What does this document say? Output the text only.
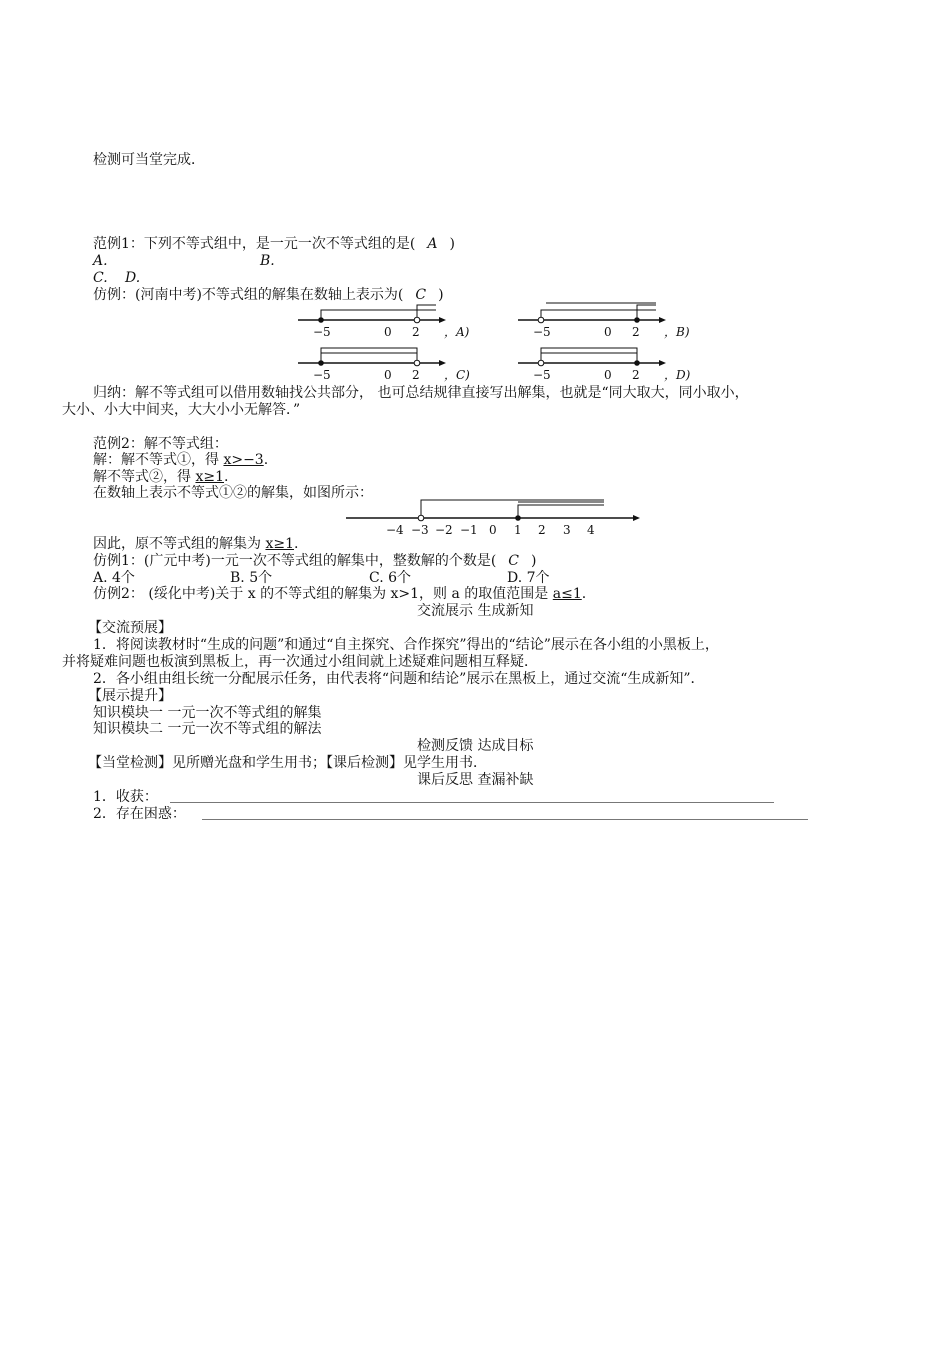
检测可当堂完成．
范例1：下列不等式组中，是一元一次不等式组的是( A )
A.	B.
C. D.
仿例：(河南中考)不等式组的解集在数轴上表示为( C )
−5	0 2 ，A)	−5	0 2 ，B)
−5	0 2 ，C)	−5	0 2 ，D)
归纳：解不等式组可以借用数轴找公共部分， 也可总结规律直接写出解集，也就是“同大取大，同小取小，
大小、小大中间夹，大大小小无解答．”
范例2：解不等式组：
解：解不等式①，得 x>−3.
解不等式②，得 x≥1.
在数轴上表示不等式①②的解集，如图所示：
−4 −3 −2 −1 0 1 2 3 4
因此，原不等式组的解集为 x≥1.
仿例1：(广元中考)一元一次不等式组的解集中，整数解的个数是( C )
A. 4个	B. 5个	C. 6个	D. 7个
仿例2： (绥化中考)关于 x 的不等式组的解集为 x>1，则 a 的取值范围是 a≤1.
交流展示 生成新知
【交流预展】
1．将阅读教材时“生成的问题”和通过“自主探究、合作探究”得出的“结论”展示在各小组的小黑板上，
并将疑难问题也板演到黑板上，再一次通过小组间就上述疑难问题相互释疑．
2．各小组由组长统一分配展示任务，由代表将“问题和结论”展示在黑板上，通过交流“生成新知”．
【展示提升】
知识模块一 一元一次不等式组的解集
知识模块二 一元一次不等式组的解法
检测反馈 达成目标
【当堂检测】见所赠光盘和学生用书；【课后检测】见学生用书．
课后反思 查漏补缺
1．收获：
2．存在困惑：
